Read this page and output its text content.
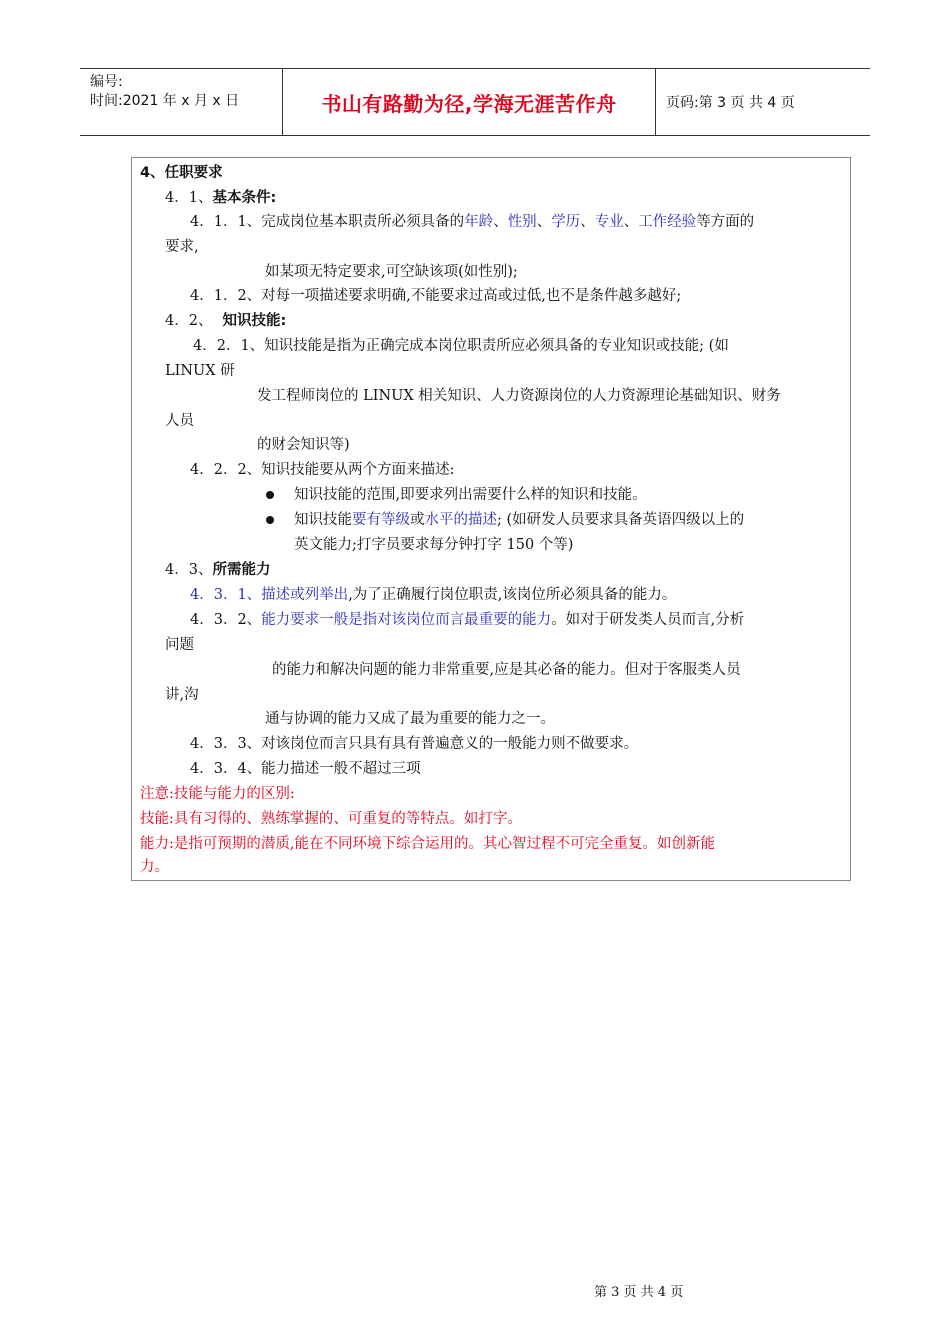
编号:
时间:2021 年 x 月 x 日	书山有路勤为径,学海无涯苦作舟	页码:第 3 页 共 4 页
4、任职要求
4．1、基本条件:
4．1．1、完成岗位基本职责所必须具备的年龄、性别、学历、专业、工作经验等方面的
要求,
如某项无特定要求,可空缺该项(如性别);
4．1．2、对每一项描述要求明确,不能要求过高或过低,也不是条件越多越好;
4．2、 知识技能:
4．2．1、知识技能是指为正确完成本岗位职责所应必须具备的专业知识或技能; (如
LINUX 研
发工程师岗位的 LINUX 相关知识、人力资源岗位的人力资源理论基础知识、财务
人员
的财会知识等)
4．2．2、知识技能要从两个方面来描述:
知识技能的范围,即要求列出需要什么样的知识和技能。
知识技能要有等级或水平的描述; (如研发人员要求具备英语四级以上的
英文能力;打字员要求每分钟打字 150 个等)
4．3、所需能力
4．3．1、描述或列举出,为了正确履行岗位职责,该岗位所必须具备的能力。
4．3．2、能力要求一般是指对该岗位而言最重要的能力。如对于研发类人员而言,分析
问题
的能力和解决问题的能力非常重要,应是其必备的能力。但对于客服类人员
讲,沟
通与协调的能力又成了最为重要的能力之一。
4．3．3、对该岗位而言只具有具有普遍意义的一般能力则不做要求。
4．3．4、能力描述一般不超过三项
注意:技能与能力的区别:
技能:具有习得的、熟练掌握的、可重复的等特点。如打字。
能力:是指可预期的潜质,能在不同环境下综合运用的。其心智过程不可完全重复。如创新能
力。
第 3 页 共 4 页
